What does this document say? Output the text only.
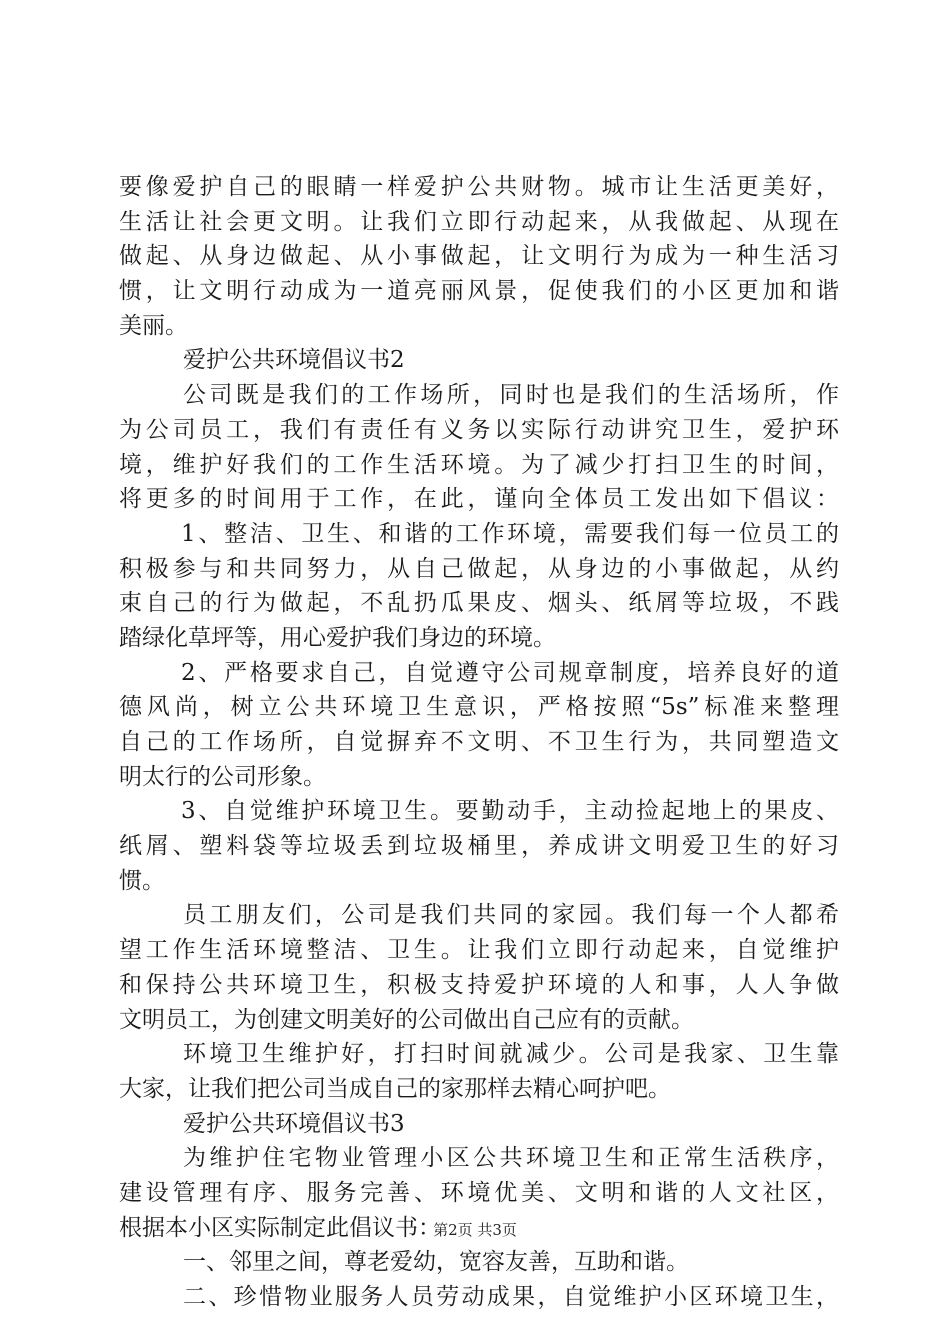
要像爱护自己的眼睛一样爱护公共财物。城市让生活更美好，
生活让社会更文明。让我们立即行动起来，从我做起、从现在
做起、从身边做起、从小事做起，让文明行为成为一种生活习
惯，让文明行动成为一道亮丽风景，促使我们的小区更加和谐
美丽。
爱护公共环境倡议书2
公司既是我们的工作场所，同时也是我们的生活场所，作
为公司员工，我们有责任有义务以实际行动讲究卫生，爱护环
境，维护好我们的工作生活环境。为了减少打扫卫生的时间，
将更多的时间用于工作，在此，谨向全体员工发出如下倡议：
1、整洁、卫生、和谐的工作环境，需要我们每一位员工的
积极参与和共同努力，从自己做起，从身边的小事做起，从约
束自己的行为做起，不乱扔瓜果皮、烟头、纸屑等垃圾，不践
踏绿化草坪等，用心爱护我们身边的环境。
2、严格要求自己，自觉遵守公司规章制度，培养良好的道
德风尚，树立公共环境卫生意识，严格按照“5s”标准来整理
自己的工作场所，自觉摒弃不文明、不卫生行为，共同塑造文
明太行的公司形象。
3、自觉维护环境卫生。要勤动手，主动捡起地上的果皮、
纸屑、塑料袋等垃圾丢到垃圾桶里，养成讲文明爱卫生的好习
惯。
员工朋友们，公司是我们共同的家园。我们每一个人都希
望工作生活环境整洁、卫生。让我们立即行动起来，自觉维护
和保持公共环境卫生，积极支持爱护环境的人和事，人人争做
文明员工，为创建文明美好的公司做出自己应有的贡献。
环境卫生维护好，打扫时间就减少。公司是我家、卫生靠
大家，让我们把公司当成自己的家那样去精心呵护吧。
爱护公共环境倡议书3
为维护住宅物业管理小区公共环境卫生和正常生活秩序，
建设管理有序、服务完善、环境优美、文明和谐的人文社区，
根据本小区实际制定此倡议书：
一、邻里之间，尊老爱幼，宽容友善，互助和谐。
二、珍惜物业服务人员劳动成果，自觉维护小区环境卫生，
第2页 共3页
